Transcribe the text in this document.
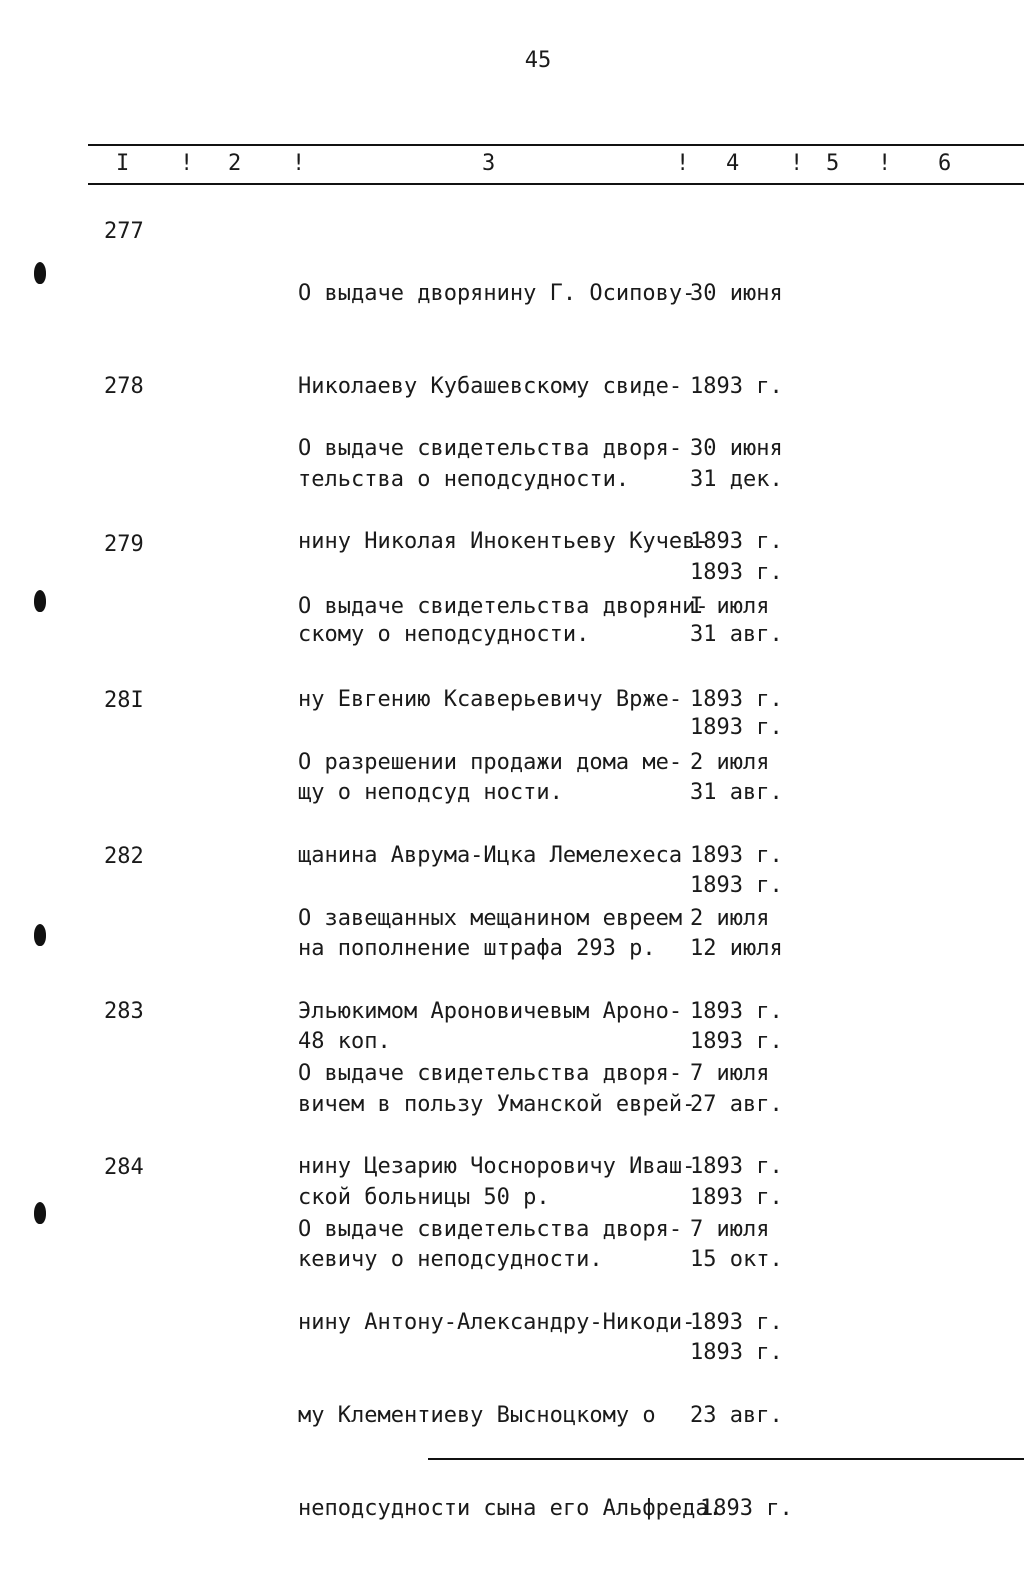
45
I ! 2 !	3	! 4 ! 5 ! 6
277

О выдаче дворянину Г. Осипову-

Николаеву Кубашевскому свиде-

тельства о неподсудности.

30 июня

1893 г.

31 дек.

1893 г.

278

О выдаче свидетельства дворя-

нину Николая Инокентьеву Кучев-

скому о неподсудности.

30 июня

1893 г.

31 авг.

1893 г.

279

О выдаче свидетельства дворяни-

ну Евгению Ксаверьевичу Вржe-

щу о неподсуд ности.

I июля

1893 г.

31 авг.

1893 г.

28I

О разрешении продажи дома ме-

щанина Аврума-Ицка Лемелехеса

на пополнение штрафа 293 р.

48 коп.

2 июля

1893 г.

12 июля

1893 г.

282

О завещанных мещанином евреем

Эльюкимом Ароновичевым Ароно-

вичем в пользу Уманской еврей-

ской больницы 50 р.

2 июля

1893 г.

27 авг.

1893 г.

283

О выдаче свидетельства дворя-

нину Цезарию Чосноровичу Иваш-

кевичу о неподсудности.

7 июля

1893 г.

15 окт.

1893 г.

284

О выдаче свидетельства дворя-

нину Антону-Александру-Никоди-

му Клементиеву Высноцкому о

неподсудности сына его Альфреда.

7 июля

1893 г.

23 авг.

1893 г.
